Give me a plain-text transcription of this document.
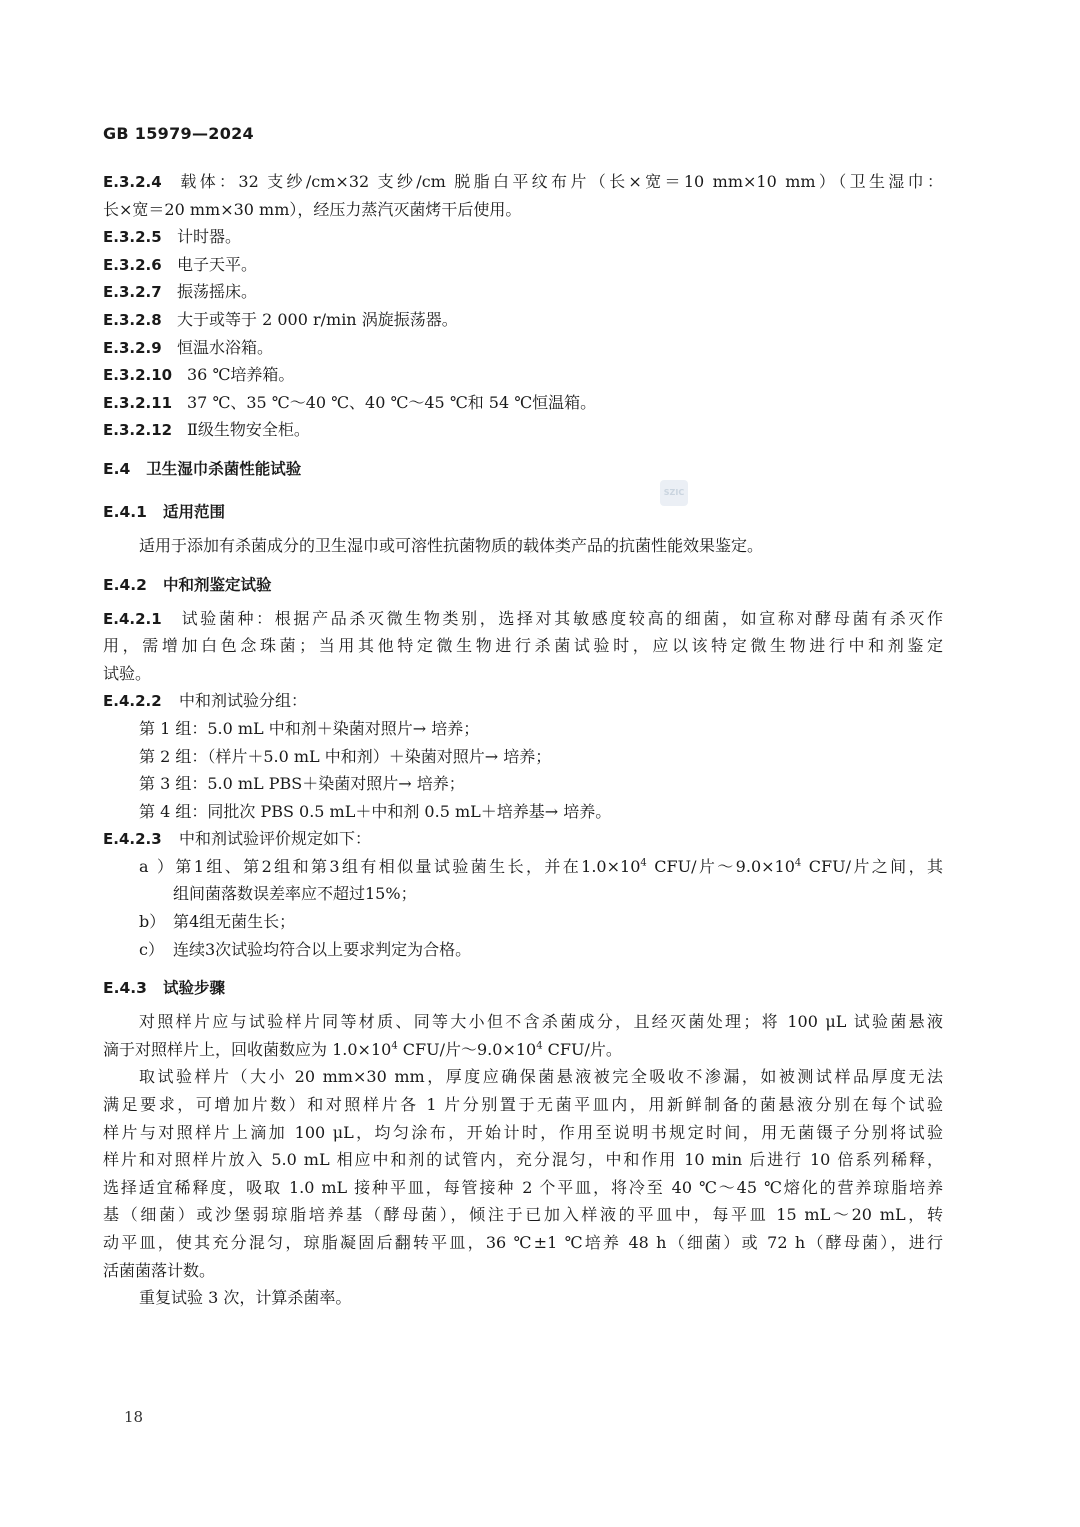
GB 15979—2024
SZIC
E.3.2.4 载体：32 支纱/cm×32 支纱/cm 脱脂白平纹布片（长×宽＝10 mm×10 mm）（卫生湿巾：
长×宽＝20 mm×30 mm），经压力蒸汽灭菌烤干后使用。
E.3.2.5 计时器。
E.3.2.6 电子天平。
E.3.2.7 振荡摇床。
E.3.2.8 大于或等于 2 000 r/min 涡旋振荡器。
E.3.2.9 恒温水浴箱。
E.3.2.10 36 ℃培养箱。
E.3.2.11 37 ℃、35 ℃～40 ℃、40 ℃～45 ℃和 54 ℃恒温箱。
E.3.2.12 Ⅱ级生物安全柜。
E.4 卫生湿巾杀菌性能试验
E.4.1 适用范围
适用于添加有杀菌成分的卫生湿巾或可溶性抗菌物质的载体类产品的抗菌性能效果鉴定。
E.4.2 中和剂鉴定试验
E.4.2.1 试验菌种：根据产品杀灭微生物类别，选择对其敏感度较高的细菌，如宣称对酵母菌有杀灭作
用，需增加白色念珠菌；当用其他特定微生物进行杀菌试验时，应以该特定微生物进行中和剂鉴定
试验。
E.4.2.2 中和剂试验分组：
第 1 组：5.0 mL 中和剂＋染菌对照片→ 培养；
第 2 组：（样片＋5.0 mL 中和剂）＋染菌对照片→ 培养；
第 3 组：5.0 mL PBS＋染菌对照片→ 培养；
第 4 组：同批次 PBS 0.5 mL＋中和剂 0.5 mL＋培养基→ 培养。
E.4.2.3 中和剂试验评价规定如下：
a）第1组、第2组和第3组有相似量试验菌生长，并在$1.0\times 10^4$ CFU/片$\sim 9.0\times 10^4$ CFU/片之间，其
组间菌落数误差率应不超过15%；
b） 第4组无菌生长；
c） 连续3次试验均符合以上要求判定为合格。
E.4.3 试验步骤
对照样片应与试验样片同等材质、同等大小但不含杀菌成分，且经灭菌处理；将 100 μL 试验菌悬液
滴于对照样片上，回收菌数应为 $1.0\times 10^4$ CFU/片$\sim 9.0\times 10^4$ CFU/片。
取试验样片（大小 20 mm×30 mm，厚度应确保菌悬液被完全吸收不渗漏，如被测试样品厚度无法
满足要求，可增加片数）和对照样片各 1 片分别置于无菌平皿内，用新鲜制备的菌悬液分别在每个试验
样片与对照样片上滴加 100 μL，均匀涂布，开始计时，作用至说明书规定时间，用无菌镊子分别将试验
样片和对照样片放入 5.0 mL 相应中和剂的试管内，充分混匀，中和作用 10 min 后进行 10 倍系列稀释，
选择适宜稀释度，吸取 1.0 mL 接种平皿，每管接种 2 个平皿，将冷至 40 ℃～45 ℃熔化的营养琼脂培养
基（细菌）或沙堡弱琼脂培养基（酵母菌），倾注于已加入样液的平皿中，每平皿 15 mL～20 mL，转
动平皿，使其充分混匀，琼脂凝固后翻转平皿，36 ℃±1 ℃培养 48 h（细菌）或 72 h（酵母菌），进行
活菌菌落计数。
重复试验 3 次，计算杀菌率。
18
